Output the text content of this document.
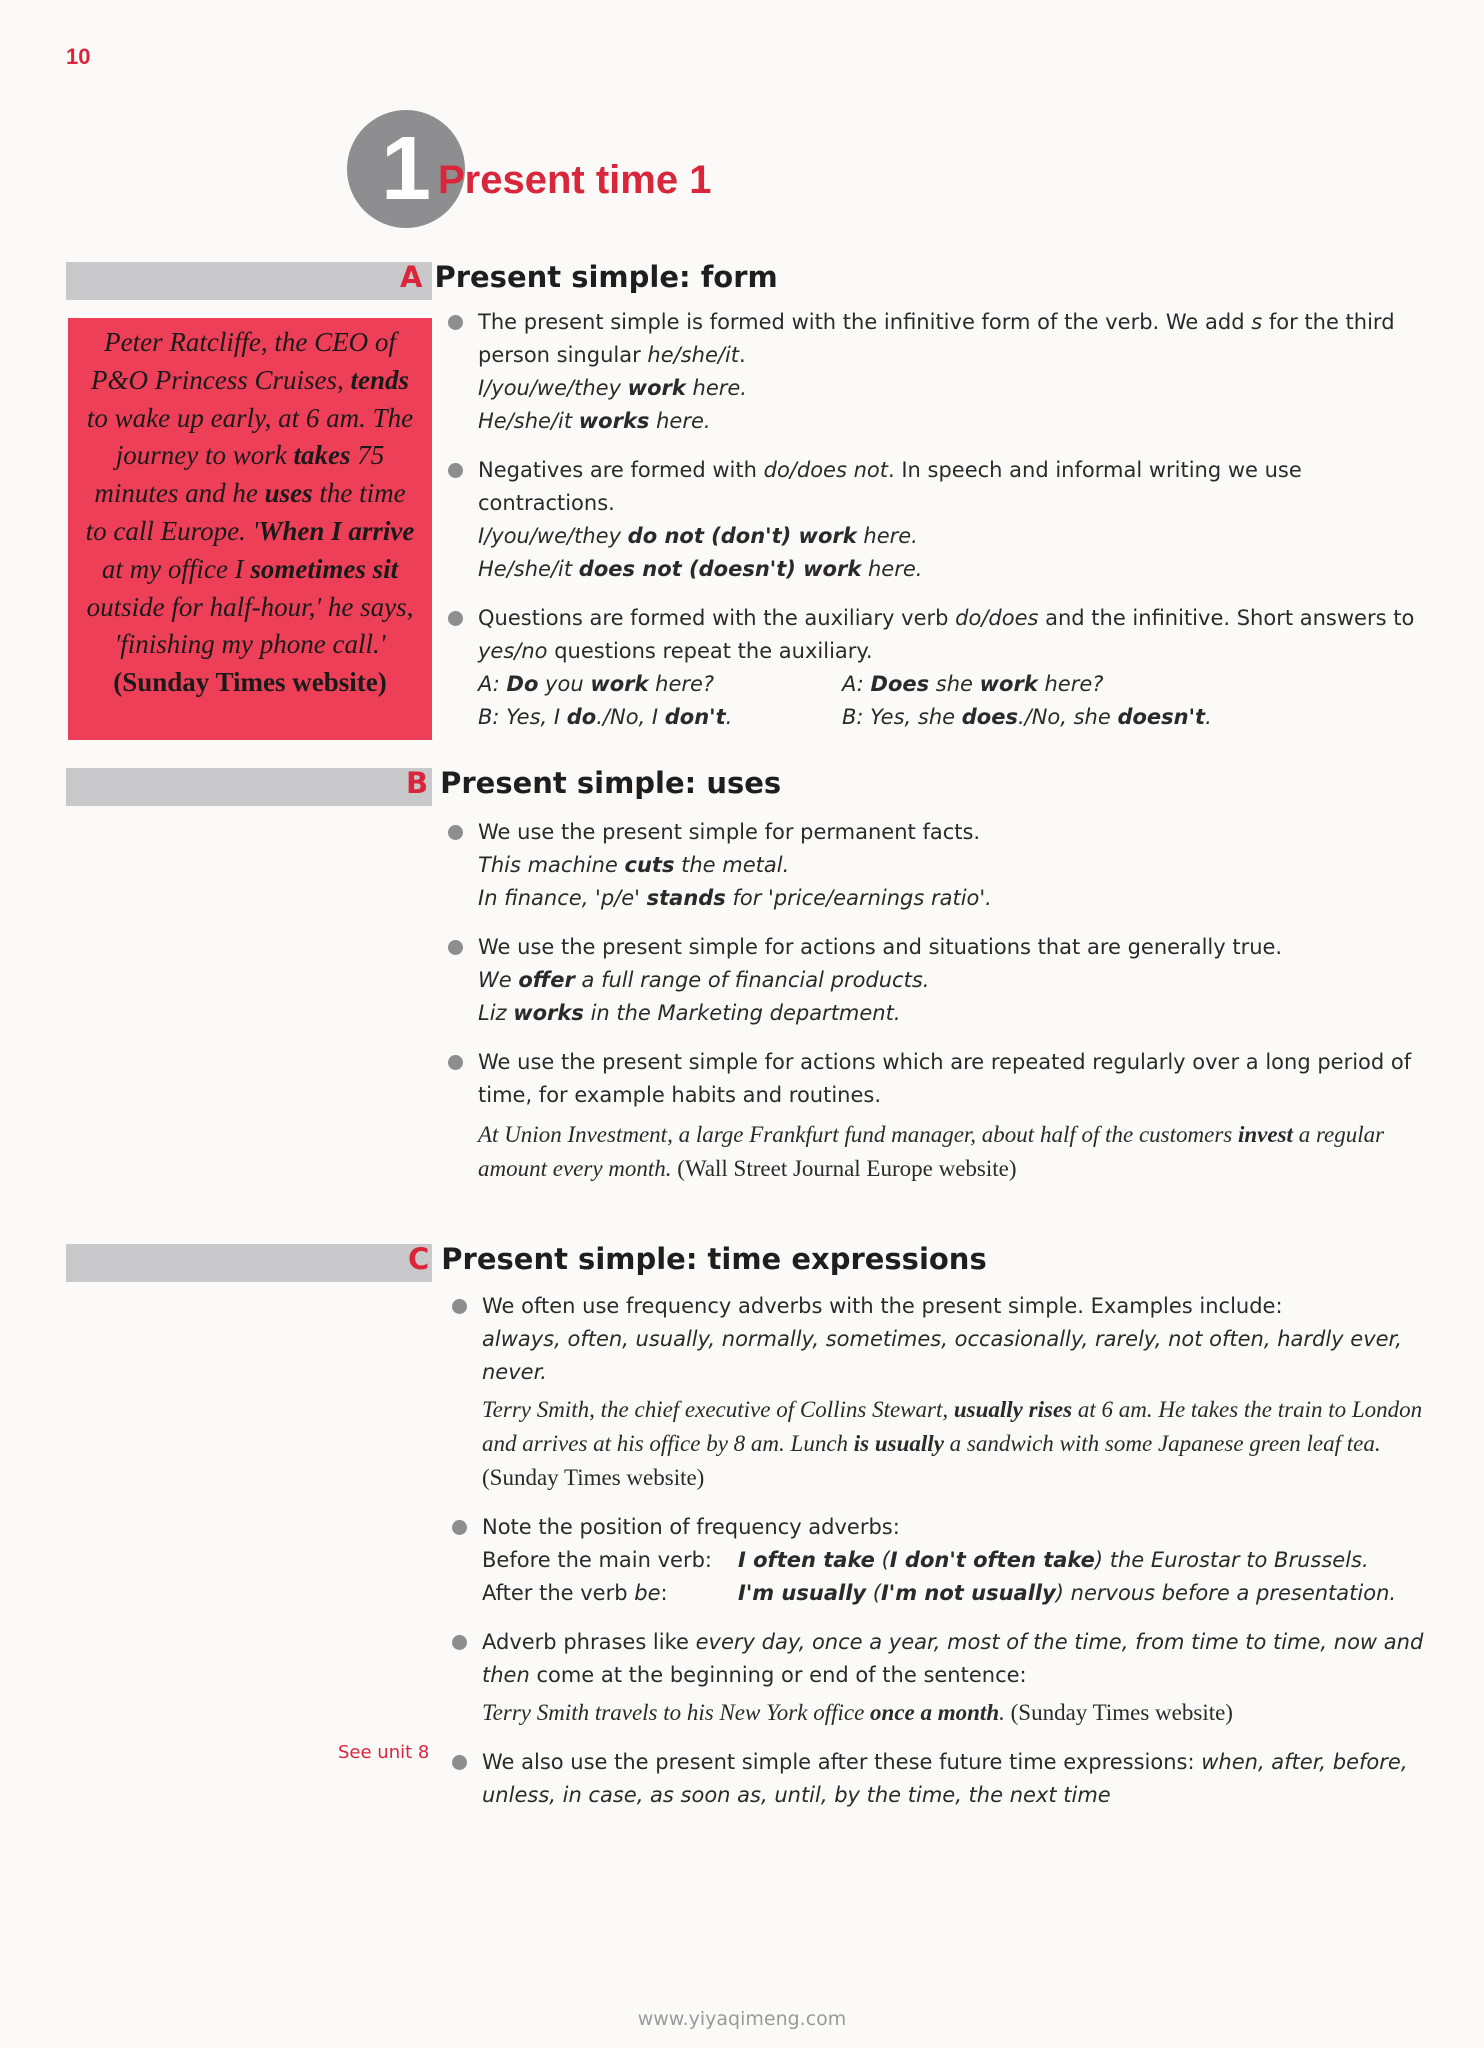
10
1 Present time 1
A Present simple: form
Peter Ratcliffe, the CEO of P&O Princess Cruises, tends to wake up early, at 6 am. The journey to work takes 75 minutes and he uses the time to call Europe. 'When I arrive at my office I sometimes sit outside for half-hour,' he says, 'finishing my phone call.'
(Sunday Times website)
The present simple is formed with the infinitive form of the verb. We add s for the third person singular he/she/it.
I/you/we/they work here.
He/she/it works here.
Negatives are formed with do/does not. In speech and informal writing we use contractions.
I/you/we/they do not (don't) work here.
He/she/it does not (doesn't) work here.
Questions are formed with the auxiliary verb do/does and the infinitive. Short answers to yes/no questions repeat the auxiliary.
A: Do you work here?	A: Does she work here?
B: Yes, I do./No, I don't.	B: Yes, she does./No, she doesn't.
B Present simple: uses
We use the present simple for permanent facts.
This machine cuts the metal.
In finance, 'p/e' stands for 'price/earnings ratio'.
We use the present simple for actions and situations that are generally true.
We offer a full range of financial products.
Liz works in the Marketing department.
We use the present simple for actions which are repeated regularly over a long period of time, for example habits and routines.
At Union Investment, a large Frankfurt fund manager, about half of the customers invest a regular amount every month. (Wall Street Journal Europe website)
C Present simple: time expressions
We often use frequency adverbs with the present simple. Examples include:
always, often, usually, normally, sometimes, occasionally, rarely, not often, hardly ever, never.
Terry Smith, the chief executive of Collins Stewart, usually rises at 6 am. He takes the train to London and arrives at his office by 8 am. Lunch is usually a sandwich with some Japanese green leaf tea. (Sunday Times website)
Note the position of frequency adverbs:
Before the main verb: I often take (I don't often take) the Eurostar to Brussels.
After the verb be:	I'm usually (I'm not usually) nervous before a presentation.
Adverb phrases like every day, once a year, most of the time, from time to time, now and then come at the beginning or end of the sentence:
Terry Smith travels to his New York office once a month. (Sunday Times website)
We also use the present simple after these future time expressions: when, after, before, unless, in case, as soon as, until, by the time, the next time
See unit 8
www.yiyaqimeng.com
